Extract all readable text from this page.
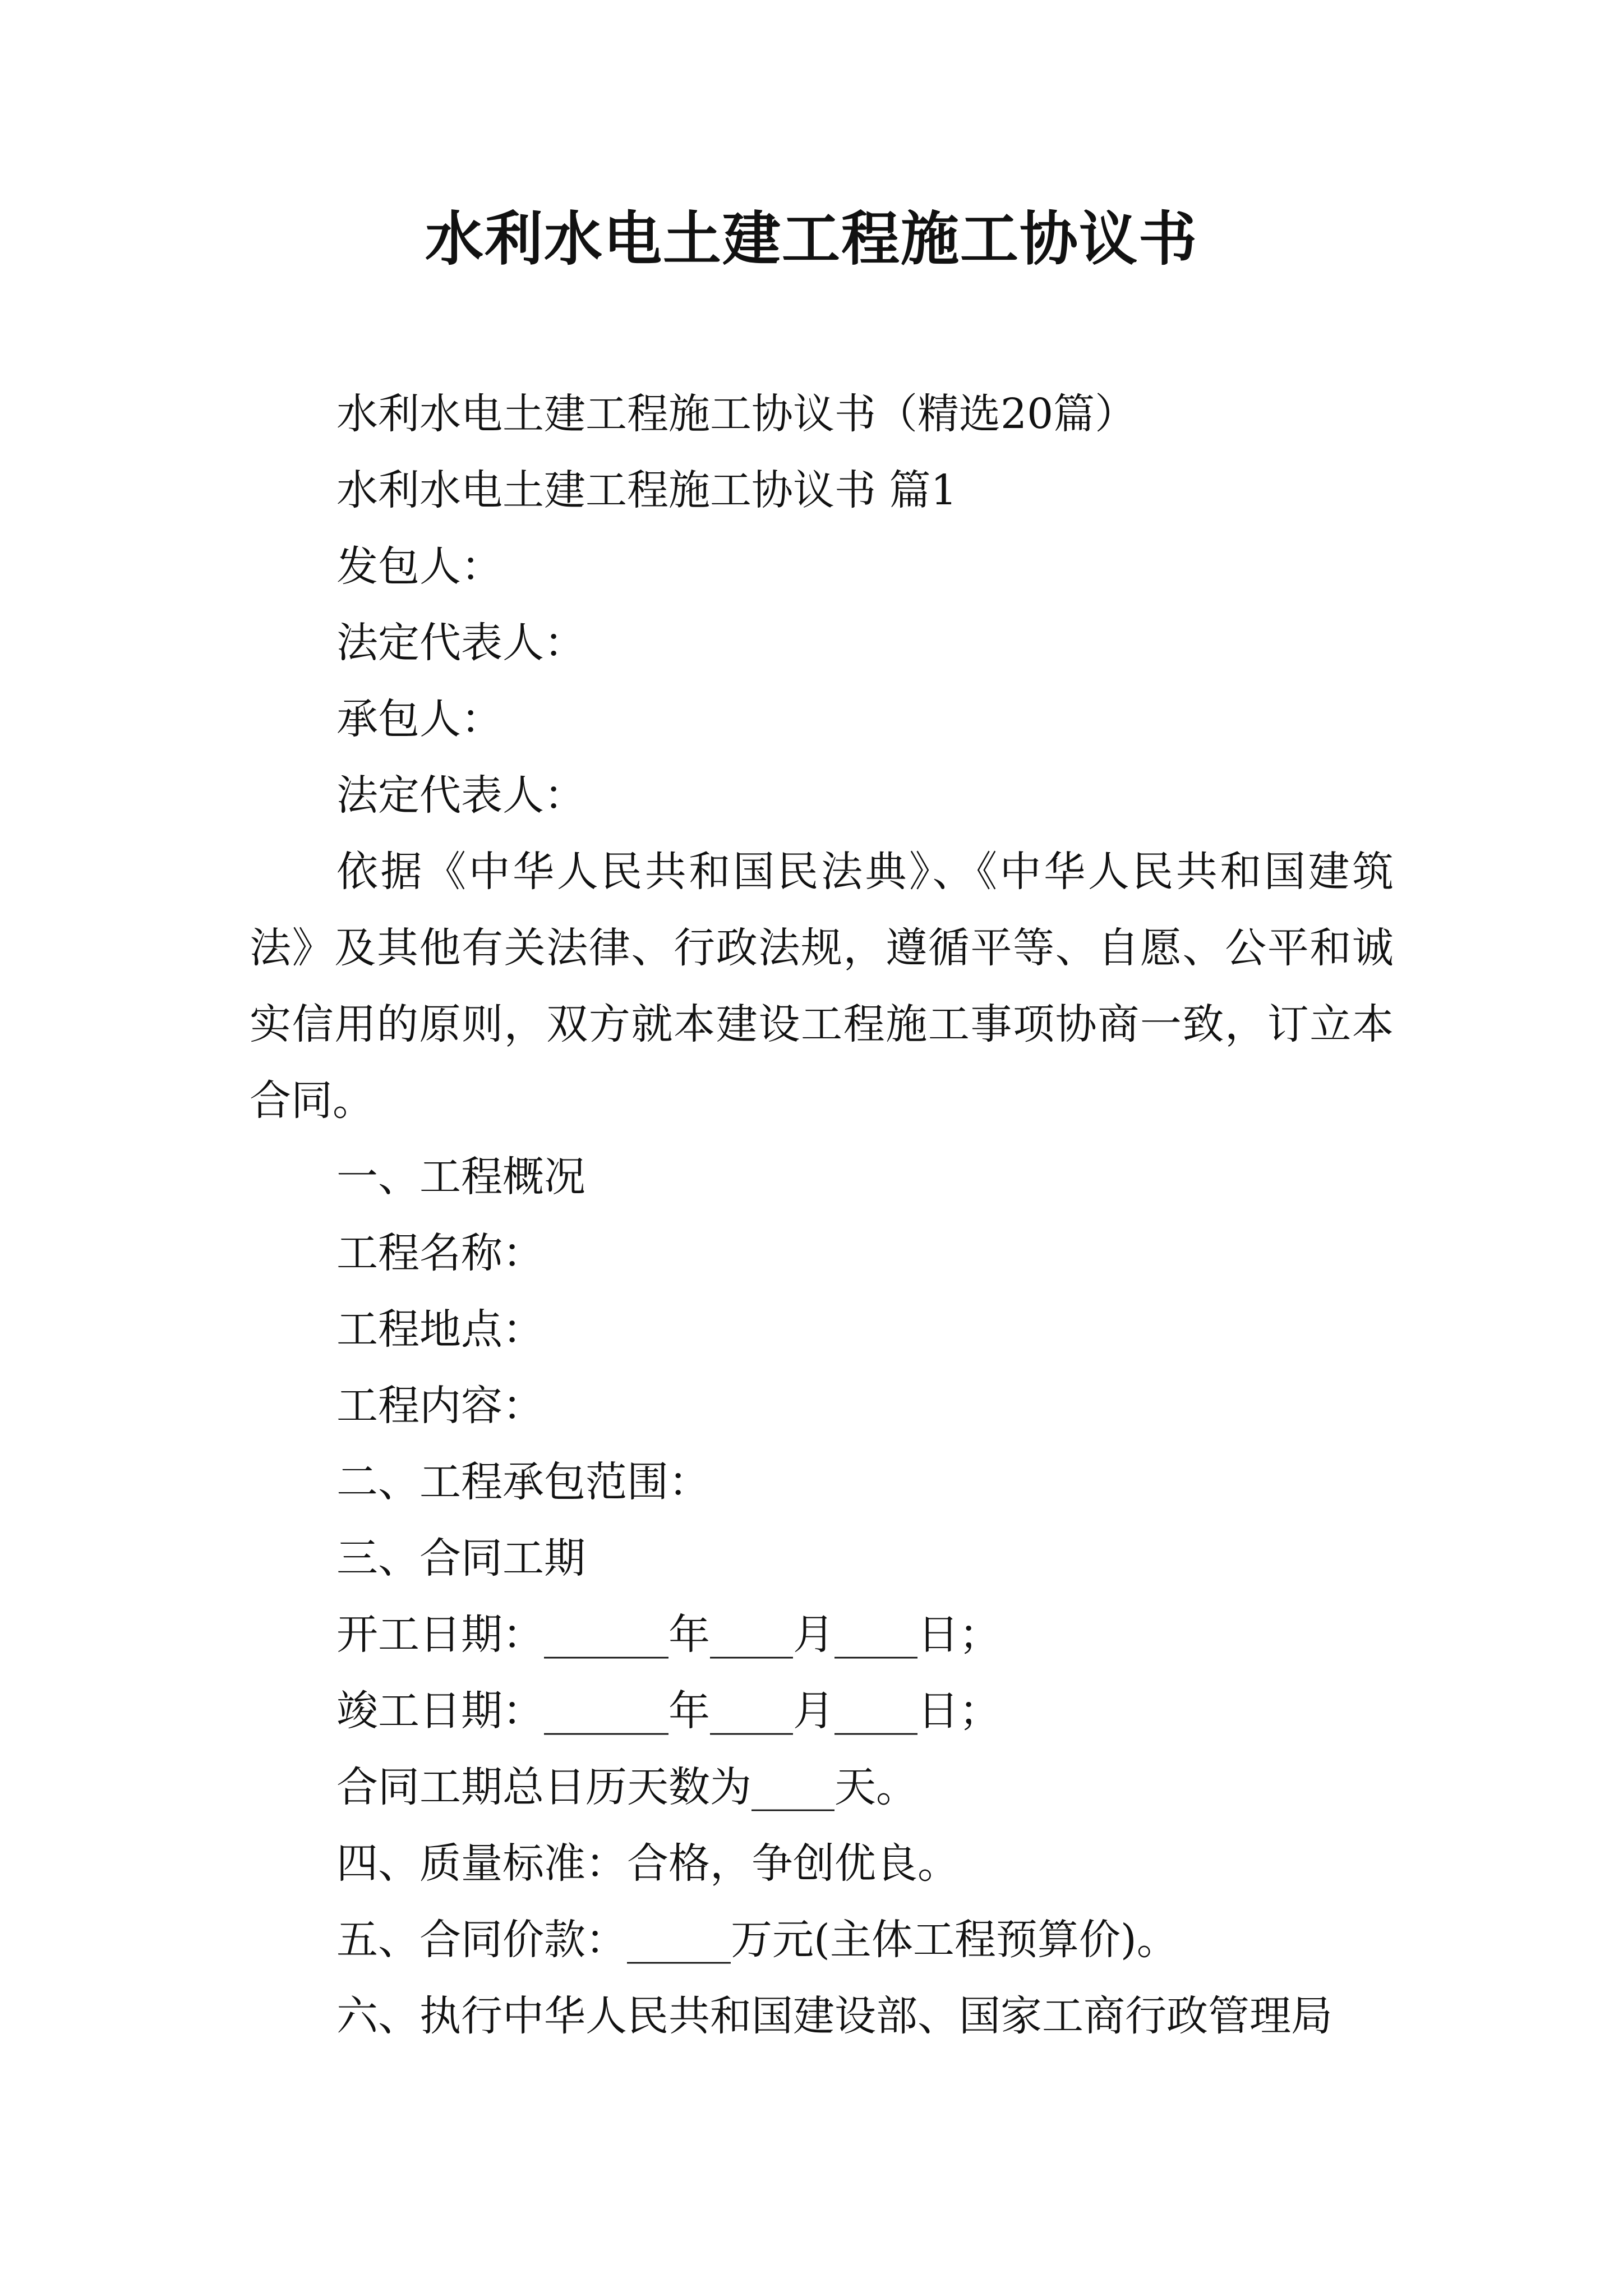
水利水电土建工程施工协议书

水利水电土建工程施工协议书（精选20篇）

水利水电土建工程施工协议书 篇1

发包人：

法定代表人：

承包人：

法定代表人：

依据《中华人民共和国民法典》、《中华人民共和国建筑法》及其他有关法律、行政法规，遵循平等、自愿、公平和诚实信用的原则，双方就本建设工程施工事项协商一致，订立本合同。

一、工程概况

工程名称：

工程地点：

工程内容：

二、工程承包范围：

三、合同工期

开工日期：______年____月____日；

竣工日期：______年____月____日；

合同工期总日历天数为____天。

四、质量标准：合格，争创优良。

五、合同价款：_____万元(主体工程预算价)。

六、执行中华人民共和国建设部、国家工商行政管理局
